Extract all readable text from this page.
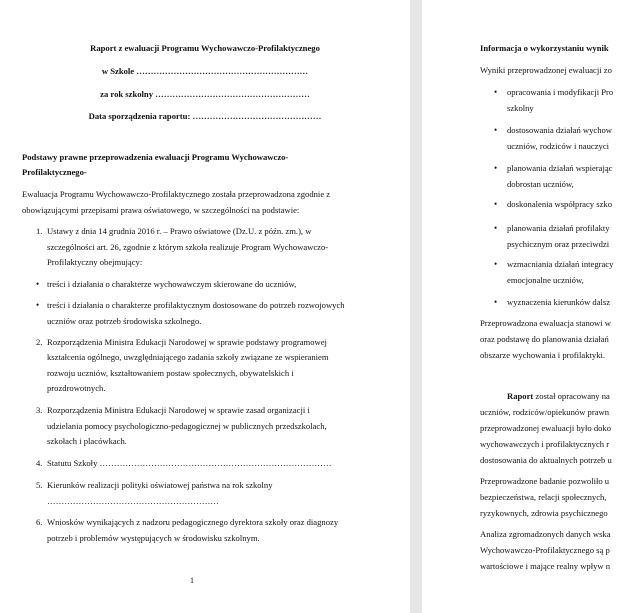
Raport z ewaluacji Programu Wychowawczo-Profilaktycznego
w Szkole ……………………………………………………
za rok szkolny ………………………………………………
Data sporządzenia raportu: ………………………………………
Podstawy prawne przeprowadzenia ewaluacji Programu Wychowawczo-
Profilaktycznego-
Ewaluacja Programu Wychowawczo-Profilaktycznego została przeprowadzona zgodnie z
obowiązującymi przepisami prawa oświatowego, w szczególności na podstawie:
1. Ustawy z dnia 14 grudnia 2016 r. – Prawo oświatowe (Dz.U. z późn. zm.), w
szczególności art. 26, zgodnie z którym szkoła realizuje Program Wychowawczo-
Profilaktyczny obejmujący:
• treści i działania o charakterze wychowawczym skierowane do uczniów,
• treści i działania o charakterze profilaktycznym dostosowane do potrzeb rozwojowych
uczniów oraz potrzeb środowiska szkolnego.
2. Rozporządzenia Ministra Edukacji Narodowej w sprawie podstawy programowej
kształcenia ogólnego, uwzględniającego zadania szkoły związane ze wspieraniem
rozwoju uczniów, kształtowaniem postaw społecznych, obywatelskich i
prozdrowotnych.
3. Rozporządzenia Ministra Edukacji Narodowej w sprawie zasad organizacji i
udzielania pomocy psychologiczno-pedagogicznej w publicznych przedszkolach,
szkołach i placówkach.
4. Statutu Szkoły ………………………………………………………………………
5. Kierunków realizacji polityki oświatowej państwa na rok szkolny
……………………………………………………
6. Wniosków wynikających z nadzoru pedagogicznego dyrektora szkoły oraz diagnozy
potrzeb i problemów występujących w środowisku szkolnym.
1
Informacja o wykorzystaniu wynik
Wyniki przeprowadzonej ewaluacji zo
• opracowania i modyfikacji Pro
szkolny
• dostosowania działań wychow
uczniów, rodziców i nauczyci
• planowania działań wspierając
dobrostan uczniów,
• doskonalenia współpracy szko
• planowania działań profilakty
psychicznym oraz przeciwdzi
• wzmacniania działań integracy
emocjonalne uczniów,
• wyznaczenia kierunków dalsz
Przeprowadzona ewaluacja stanowi w
oraz podstawę do planowania działań
obszarze wychowania i profilaktyki.
Raport został opracowany na
uczniów, rodziców/opiekunów prawn
przeprowadzonej ewaluacji było doko
wychowawczych i profilaktycznych r
dostosowania do aktualnych potrzeb u
Przeprowadzone badanie pozwoliło u
bezpieczeństwa, relacji społecznych,
ryzykownych, zdrowia psychicznego
Analiza zgromadzonych danych wska
Wychowawczo-Profilaktycznego są p
wartościowe i mające realny wpływ n
